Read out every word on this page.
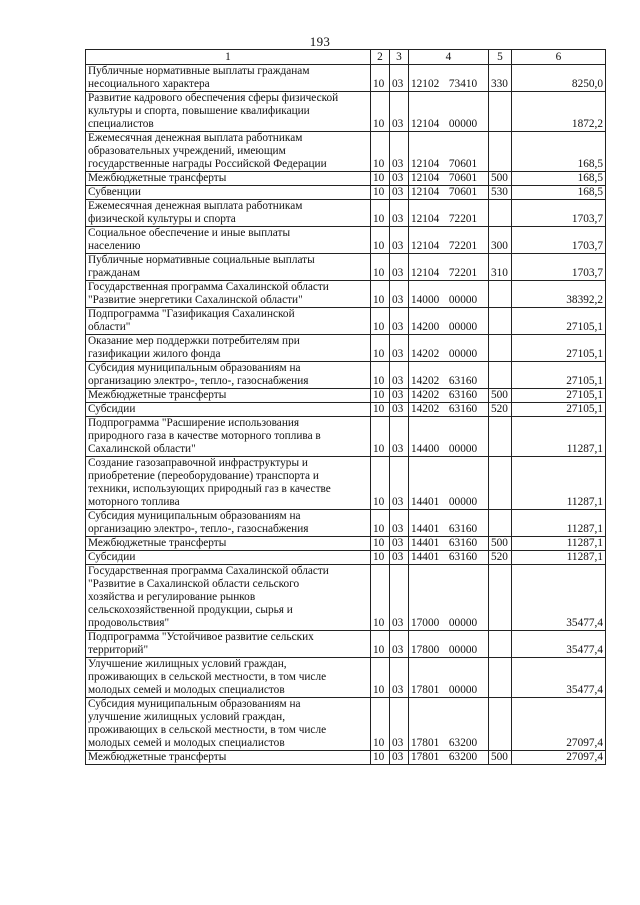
193
1	2	3	4	5	6
Публичные нормативные выплаты гражданам
несоциального характера	10	03	12102  73410	330	8250,0
Развитие кадрового обеспечения сферы физической
культуры и спорта, повышение квалификации
специалистов	10	03	12104  00000		1872,2
Ежемесячная денежная выплата работникам
образовательных учреждений, имеющим
государственные награды Российской Федерации	10	03	12104  70601		168,5
Межбюджетные трансферты	10	03	12104  70601	500	168,5
Субвенции	10	03	12104  70601	530	168,5
Ежемесячная денежная выплата работникам
физической культуры и спорта	10	03	12104  72201		1703,7
Социальное обеспечение и иные выплаты
населению	10	03	12104  72201	300	1703,7
Публичные нормативные социальные выплаты
гражданам	10	03	12104  72201	310	1703,7
Государственная программа Сахалинской области
"Развитие энергетики Сахалинской области"	10	03	14000  00000		38392,2
Подпрограмма "Газификация Сахалинской
области"	10	03	14200  00000		27105,1
Оказание мер поддержки потребителям при
газификации жилого фонда	10	03	14202  00000		27105,1
Субсидия муниципальным образованиям на
организацию электро-, тепло-, газоснабжения	10	03	14202  63160		27105,1
Межбюджетные трансферты	10	03	14202  63160	500	27105,1
Субсидии	10	03	14202  63160	520	27105,1
Подпрограмма "Расширение использования
природного газа в качестве моторного топлива в
Сахалинской области"	10	03	14400  00000		11287,1
Создание газозаправочной инфраструктуры и
приобретение (переоборудование) транспорта и
техники, использующих природный газ в качестве
моторного топлива	10	03	14401  00000		11287,1
Субсидия муниципальным образованиям на
организацию электро-, тепло-, газоснабжения	10	03	14401  63160		11287,1
Межбюджетные трансферты	10	03	14401  63160	500	11287,1
Субсидии	10	03	14401  63160	520	11287,1
Государственная программа Сахалинской области
"Развитие в Сахалинской области сельского
хозяйства и регулирование рынков
сельскохозяйственной продукции, сырья и
продовольствия"	10	03	17000  00000		35477,4
Подпрограмма "Устойчивое развитие сельских
территорий"	10	03	17800  00000		35477,4
Улучшение жилищных условий граждан,
проживающих в сельской местности, в том числе
молодых семей и молодых специалистов	10	03	17801  00000		35477,4
Субсидия муниципальным образованиям на
улучшение жилищных условий граждан,
проживающих в сельской местности, в том числе
молодых семей и молодых специалистов	10	03	17801  63200		27097,4
Межбюджетные трансферты	10	03	17801  63200	500	27097,4
